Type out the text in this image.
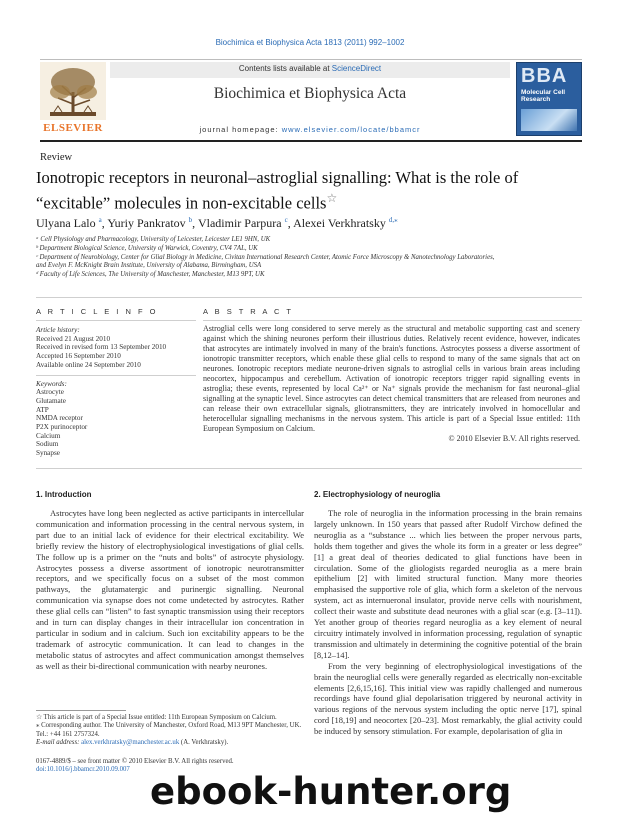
Biochimica et Biophysica Acta 1813 (2011) 992–1002
ELSEVIER
Contents lists available at ScienceDirect
Biochimica et Biophysica Acta
journal homepage: www.elsevier.com/locate/bbamcr
BBA
Molecular Cell Research
Review
Ionotropic receptors in neuronal–astroglial signalling: What is the role of “excitable” molecules in non-excitable cells☆
Ulyana Lalo $^a$, Yuriy Pankratov $^b$, Vladimir Parpura $^c$, Alexei Verkhratsky $^{d,⁎}$
ᵃ Cell Physiology and Pharmacology, University of Leicester, Leicester LE1 9HN, UK
ᵇ Department Biological Science, University of Warwick, Coventry, CV4 7AL, UK
ᶜ Department of Neurobiology, Center for Glial Biology in Medicine, Civitan International Research Center, Atomic Force Microscopy & Nanotechnology Laboratories,
and Evelyn F. McKnight Brain Institute, University of Alabama, Birmingham, USA
ᵈ Faculty of Life Sciences, The University of Manchester, Manchester, M13 9PT, UK
A R T I C L E I N F O
Article history:
Received 21 August 2010
Received in revised form 13 September 2010
Accepted 16 September 2010
Available online 24 September 2010
Keywords:
Astrocyte
Glutamate
ATP
NMDA receptor
P2X purinoceptor
Calcium
Sodium
Synapse
A B S T R A C T
Astroglial cells were long considered to serve merely as the structural and metabolic supporting cast and scenery against which the shining neurones perform their illustrious duties. Relatively recent evidence, however, indicates that astrocytes are intimately involved in many of the brain's functions. Astrocytes possess a diverse assortment of ionotropic transmitter receptors, which enable these glial cells to respond to many of the same signals that act on neurones. Ionotropic receptors mediate neurone-driven signals to astroglial cells in various brain areas including neocortex, hippocampus and cerebellum. Activation of ionotropic receptors trigger rapid signalling events in astroglia; these events, represented by local Ca²⁺ or Na⁺ signals provide the mechanism for fast neuronal–glial signalling at the synaptic level. Since astrocytes can detect chemical transmitters that are released from neurones and can release their own extracellular signals, gliotransmitters, they are intricately involved in homocellular and heterocellular signalling mechanisms in the nervous system. This article is part of a Special Issue entitled: 11th European Symposium on Calcium.
© 2010 Elsevier B.V. All rights reserved.
1. Introduction

Astrocytes have long been neglected as active participants in intercellular communication and information processing in the central nervous system, in part due to an initial lack of evidence for their electrical excitability. We briefly review the history of electrophysiological investigations of glial cells. The follow up is a primer on the “nuts and bolts” of astrocyte physiology. Astrocytes possess a diverse assortment of ionotropic neurotransmitter receptors, and we specifically focus on a subset of the most common pathways, the glutamatergic and purinergic signalling. Neuronal communication via synapse does not come undetected by astrocytes. Rather these glial cells can “listen” to fast synaptic transmission using their receptors and in turn can display changes in their intracellular ion concentration in particular in sodium and in calcium. Such ion excitability appears to be the trademark of astrocytic communication. It can lead to changes in the metabolic status of astrocytes and affect communication amongst themselves as well as their bi-directional communication with nearby neurones.

2. Electrophysiology of neuroglia

The role of neuroglia in the information processing in the brain remains largely unknown. In 150 years that passed after Rudolf Virchow defined the neuroglia as a “substance ... which lies between the proper nervous parts, holds them together and gives the whole its form in a greater or less degree” [1] a great deal of theories dedicated to glial functions have been in circulation. Some of the gliologists regarded neuroglia as a mere brain epithelium [2] with limited structural function. Many more theories emphasised the supportive role of glia, which form a skeleton of the nervous system, act as internueronal insulator, provide nerve cells with nourishment, collect their waste and substitute dead neurones with a glial scar (e.g. [3–11]). Yet another group of theories regard neuroglia as a key element of neural circuitry intimately involved in information processing, regulation of synaptic transmission and ultimately in determining the cognitive potential of the brain [8,12–14].

From the very beginning of electrophysiological investigations of the brain the neuroglial cells were generally regarded as electrically non-excitable elements [2,6,15,16]. This initial view was rapidly challenged and numerous recordings have found glial depolarisation triggered by neuronal activity in various regions of the nervous system including the optic nerve [17], spinal cord [18,19] and neocortex [20–23]. Most remarkably, the glial activity could be induced by sensory stimulation. For example, depolarisation of glia in

☆ This article is part of a Special Issue entitled: 11th European Symposium on Calcium.
⁎ Corresponding author. The University of Manchester, Oxford Road, M13 9PT Manchester, UK. Tel.: +44 161 2757324.
E-mail address: alex.verkhratsky@manchester.ac.uk (A. Verkhratsky).
0167-4889/$ – see front matter © 2010 Elsevier B.V. All rights reserved.
doi:10.1016/j.bbamcr.2010.09.007
ebook-hunter.org
